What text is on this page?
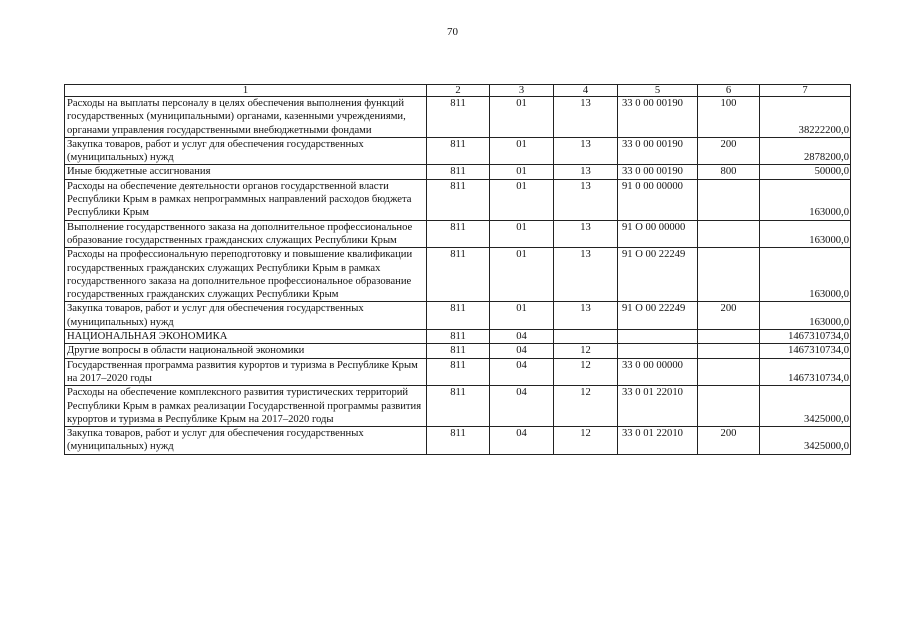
70
1	2	3	4	5	6	7
Расходы на выплаты персоналу в целях обеспечения выполнения функций государственных (муниципальными) органами, казенными учреждениями, органами управления государственными внебюджетными фондами	811	01	13	33 0 00 00190	100	38222200,0
Закупка товаров, работ и услуг для обеспечения государственных (муниципальных) нужд	811	01	13	33 0 00 00190	200	2878200,0
Иные бюджетные ассигнования	811	01	13	33 0 00 00190	800	50000,0
Расходы на обеспечение деятельности органов государственной власти Республики Крым в рамках непрограммных направлений расходов бюджета Республики Крым	811	01	13	91 0 00 00000		163000,0
Выполнение государственного заказа на дополнительное профессиональное образование государственных гражданских служащих Республики Крым	811	01	13	91 О 00 00000		163000,0
Расходы на профессиональную переподготовку и повышение квалификации государственных гражданских служащих Республики Крым в рамках государственного заказа на дополнительное профессиональное образование государственных гражданских служащих Республики Крым	811	01	13	91 О 00 22249		163000,0
Закупка товаров, работ и услуг для обеспечения государственных (муниципальных) нужд	811	01	13	91 О 00 22249	200	163000,0
НАЦИОНАЛЬНАЯ ЭКОНОМИКА	811	04				1467310734,0
Другие вопросы в области национальной экономики	811	04	12			1467310734,0
Государственная программа развития курортов и туризма в Республике Крым на 2017–2020 годы	811	04	12	33 0 00 00000		1467310734,0
Расходы на обеспечение комплексного развития туристических территорий Республики Крым в рамках реализации Государственной программы развития курортов и туризма в Республике Крым на 2017–2020 годы	811	04	12	33 0 01 22010		3425000,0
Закупка товаров, работ и услуг для обеспечения государственных (муниципальных) нужд	811	04	12	33 0 01 22010	200	3425000,0
